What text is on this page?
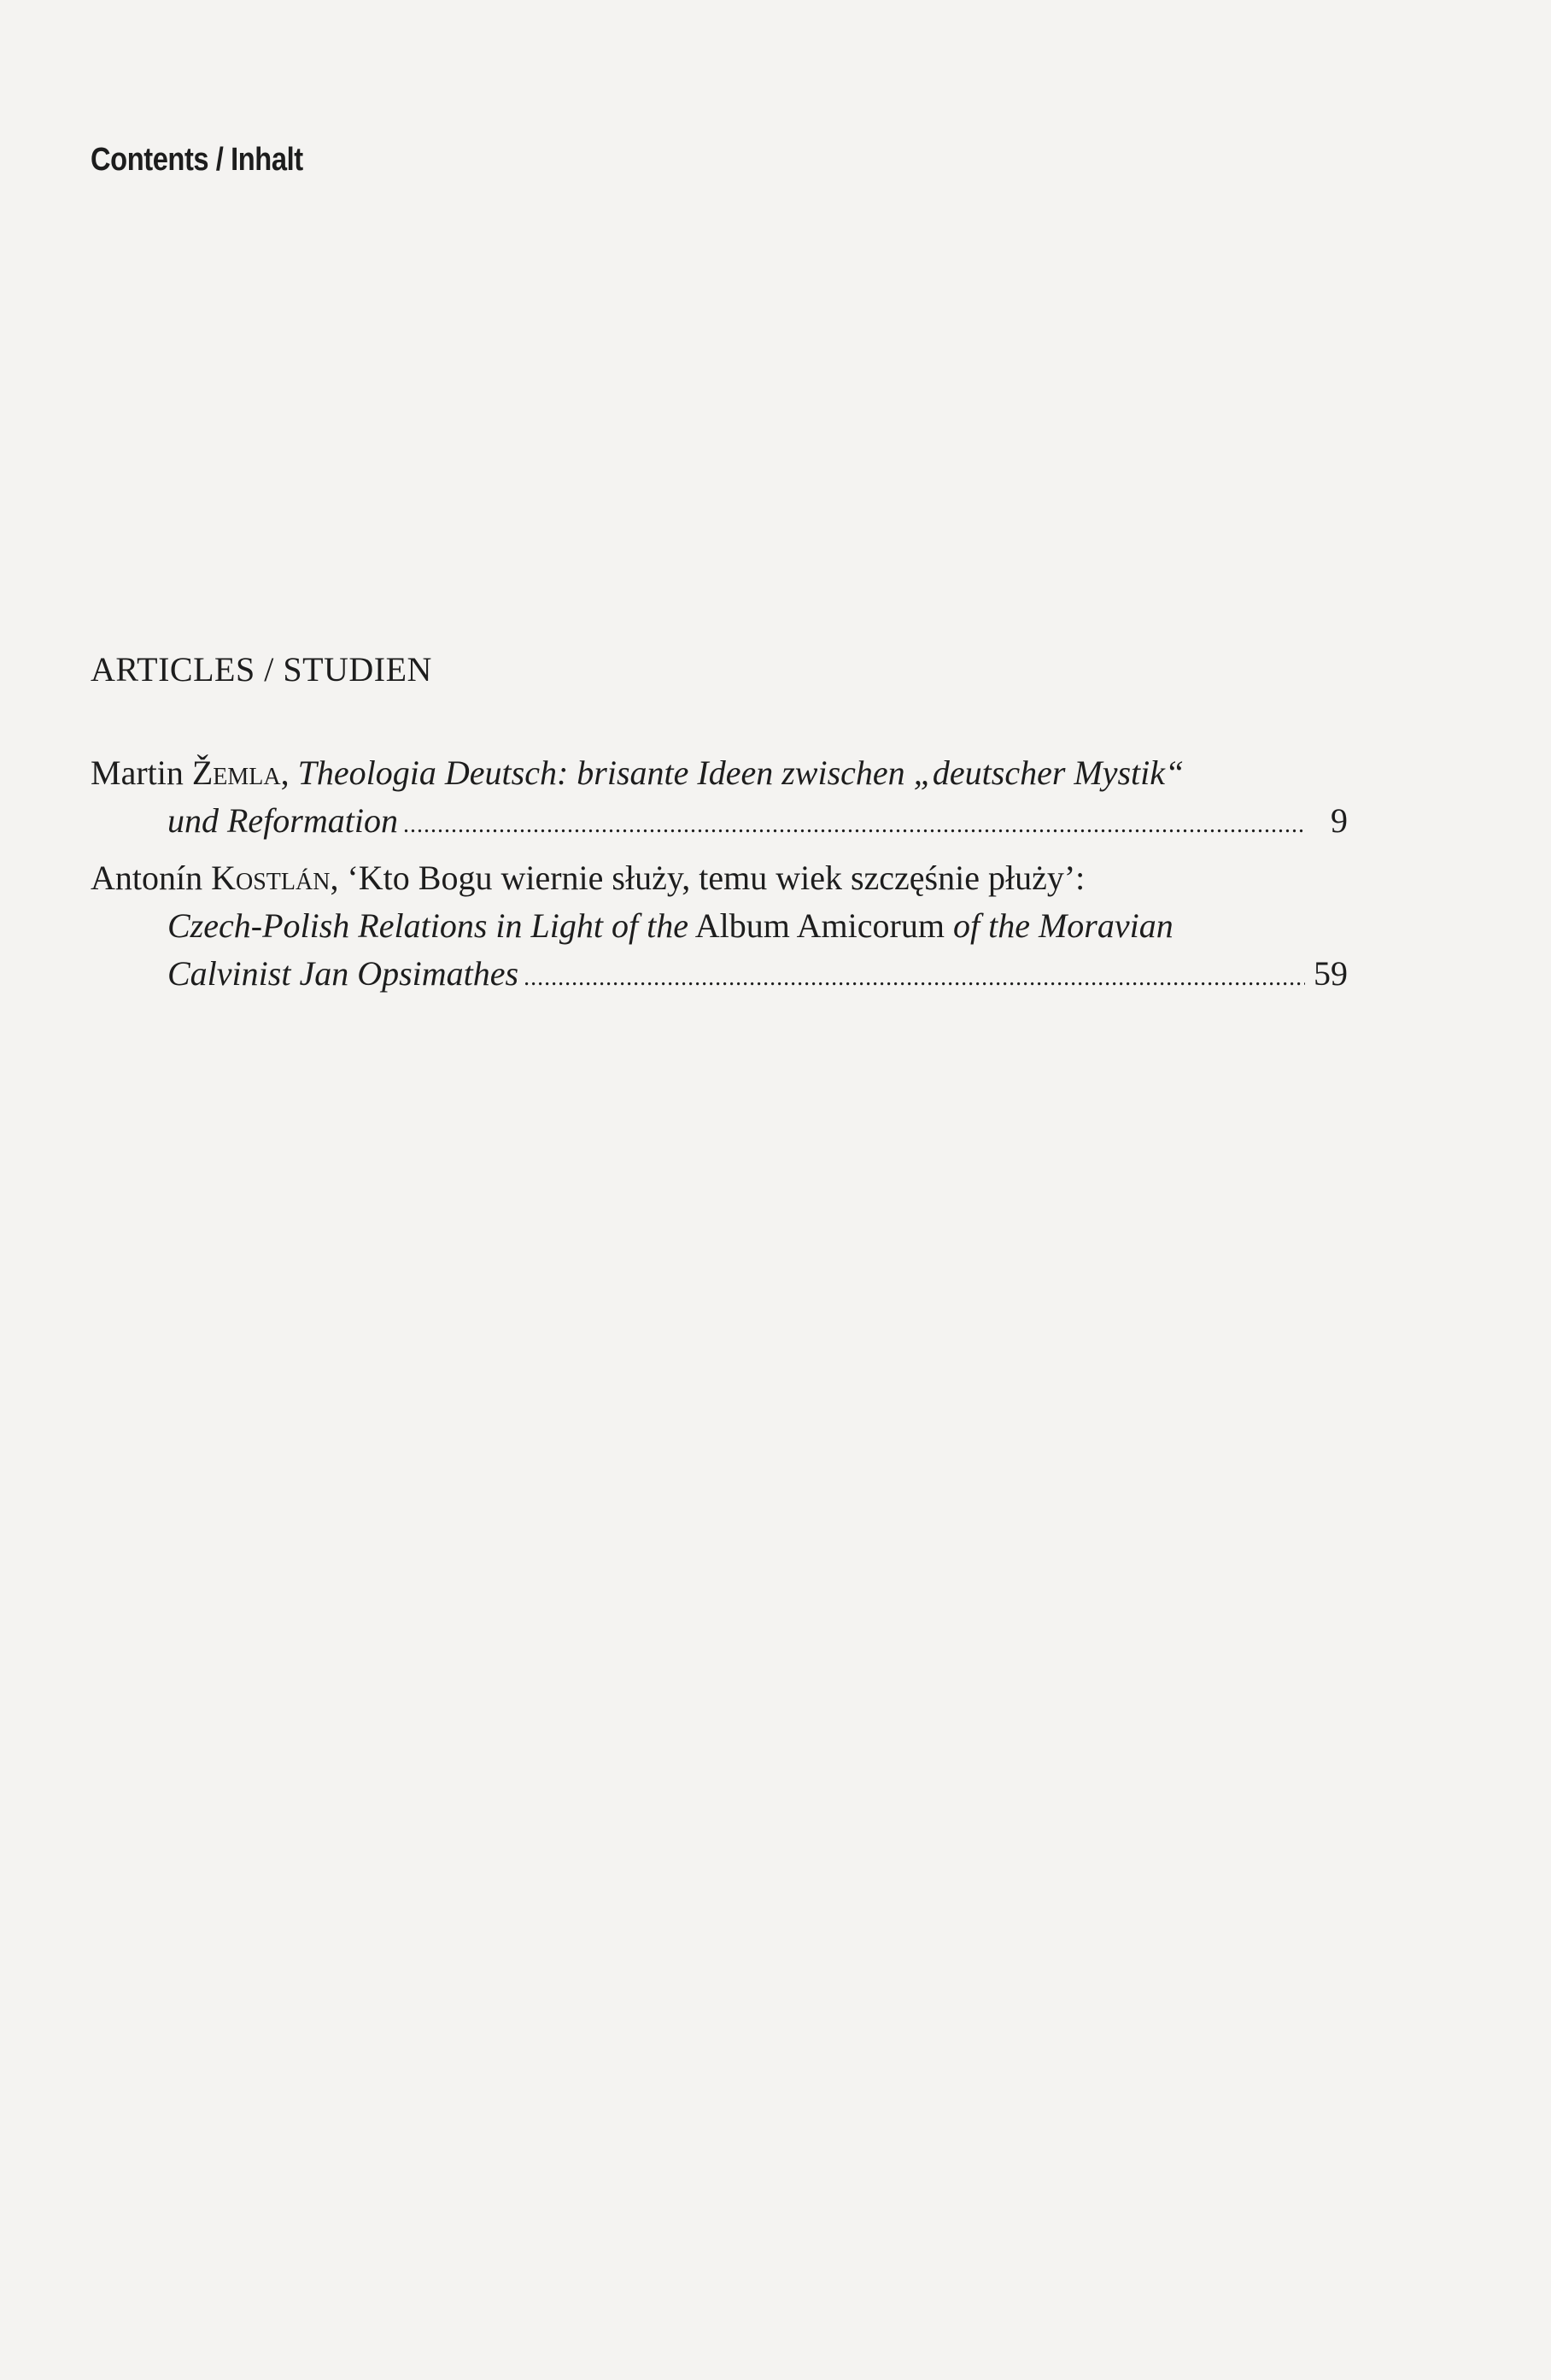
Contents / Inhalt
ARTICLES / STUDIEN
Martin Žemla, Theologia Deutsch: brisante Ideen zwischen „deutscher Mystik“
und Reformation .....	9
Antonín Kostlán, ‘Kto Bogu wiernie służy, temu wiek szczęśnie płuży’:
Czech-Polish Relations in Light of the Album Amicorum of the Moravian
Calvinist Jan Opsimathes .....	59
